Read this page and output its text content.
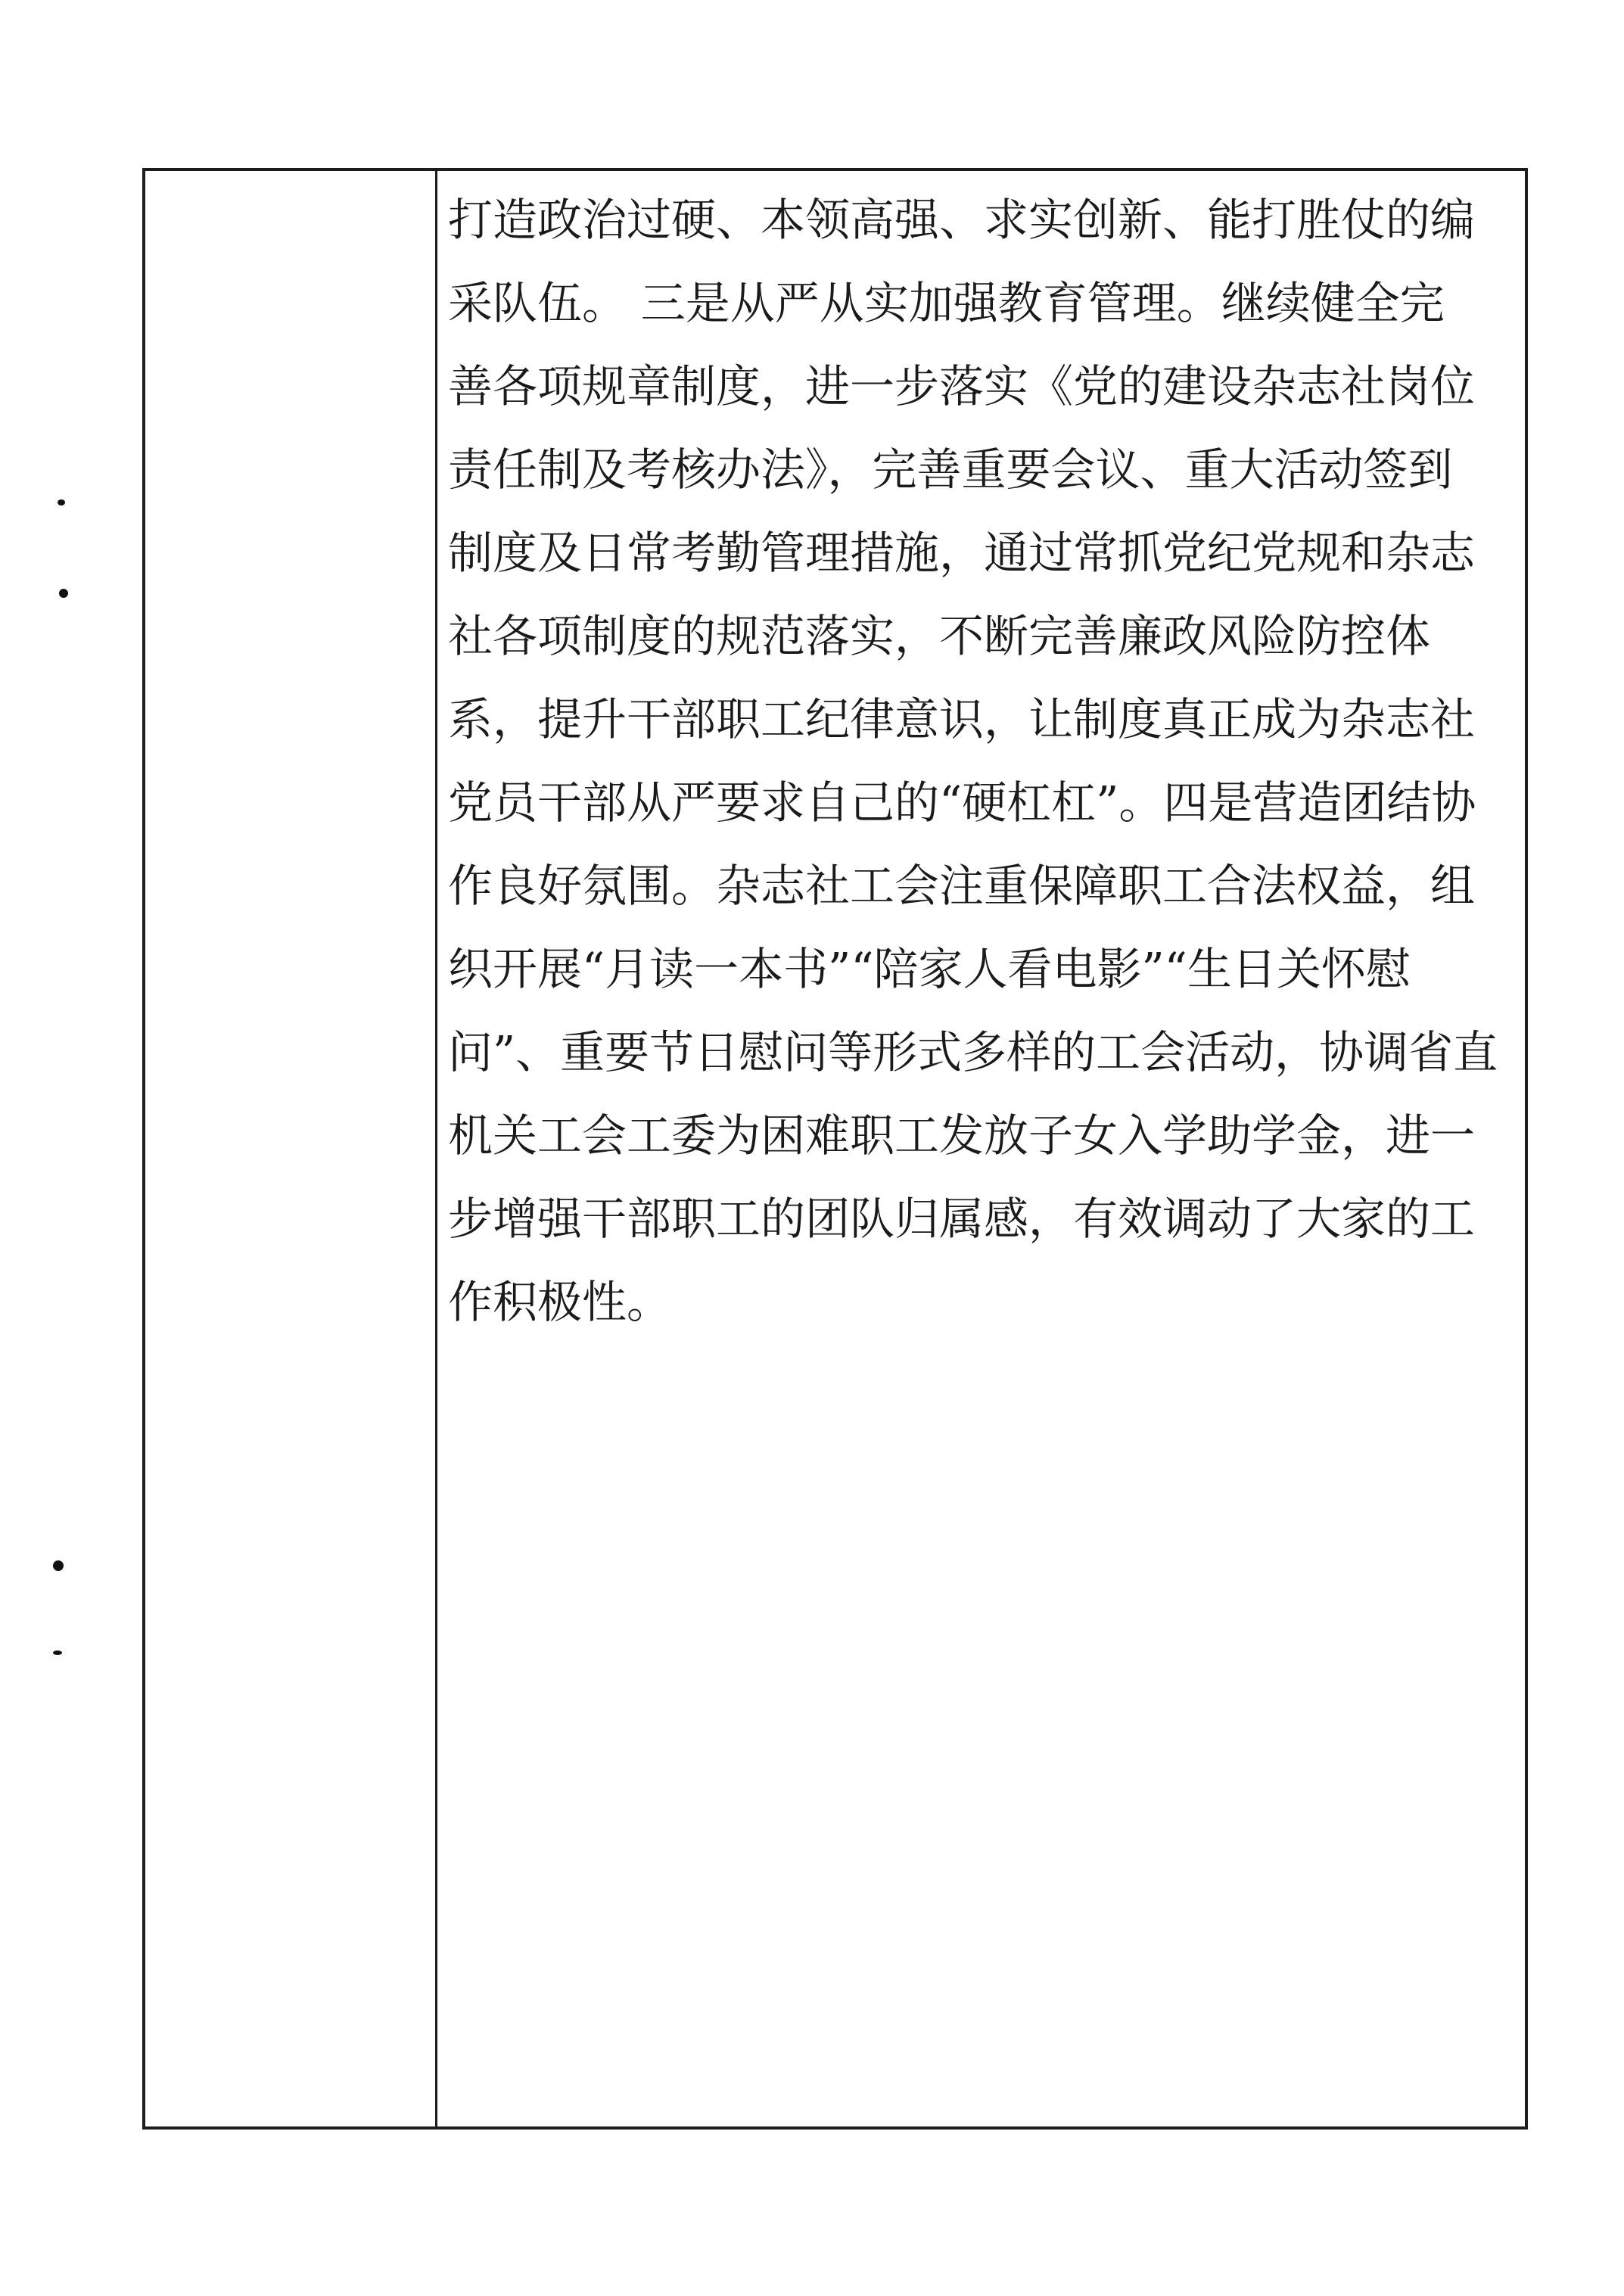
打造政治过硬、本领高强、求实创新、能打胜仗的编
采队伍。 三是从严从实加强教育管理。继续健全完
善各项规章制度，进一步落实《党的建设杂志社岗位
责任制及考核办法》，完善重要会议、重大活动签到
制度及日常考勤管理措施，通过常抓党纪党规和杂志
社各项制度的规范落实，不断完善廉政风险防控体
系，提升干部职工纪律意识，让制度真正成为杂志社
党员干部从严要求自己的“硬杠杠”。四是营造团结协
作良好氛围。杂志社工会注重保障职工合法权益，组
织开展“月读一本书”“陪家人看电影”“生日关怀慰
问”、重要节日慰问等形式多样的工会活动，协调省直
机关工会工委为困难职工发放子女入学助学金，进一
步增强干部职工的团队归属感，有效调动了大家的工
作积极性。
